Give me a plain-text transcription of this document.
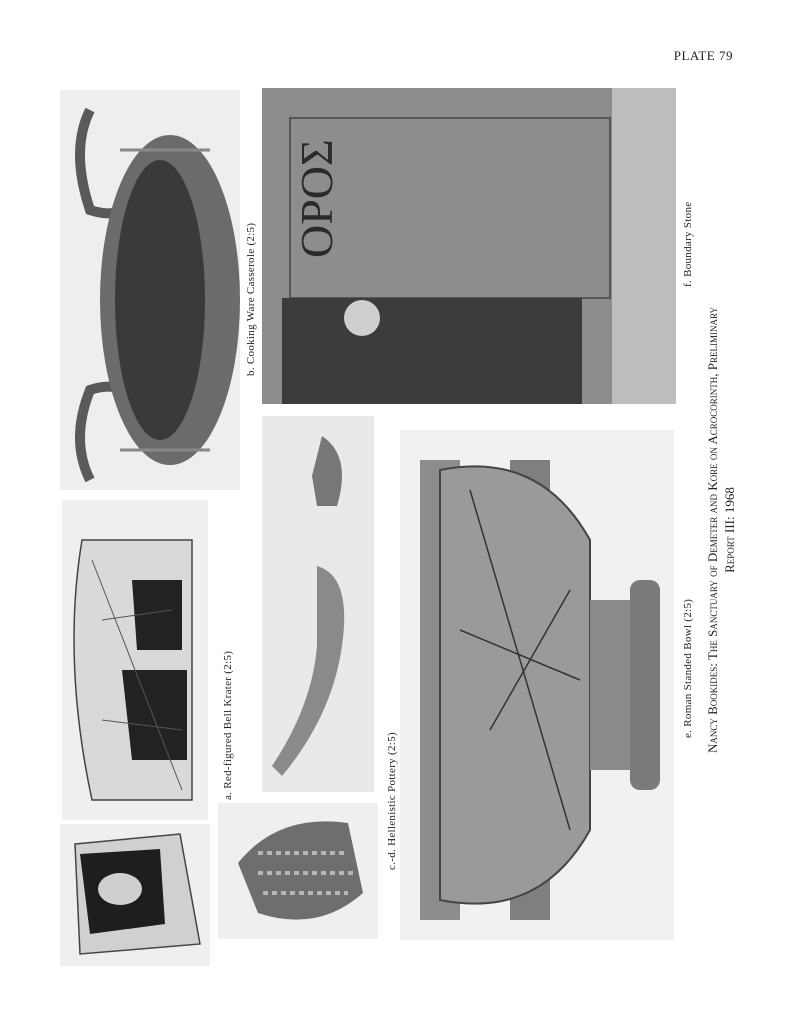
PLATE 79
ΟΡΟΣ
a. Red-figured Bell Krater (2:5)
b. Cooking Ware Casserole (2:5)
c.-d. Hellenistic Pottery (2:5)
e. Roman Standed Bowl (2:5)
f. Boundary Stone
Nancy Bookides: The Sanctuary of Demeter and Kore on Acrocorinth, Preliminary Report III: 1968
